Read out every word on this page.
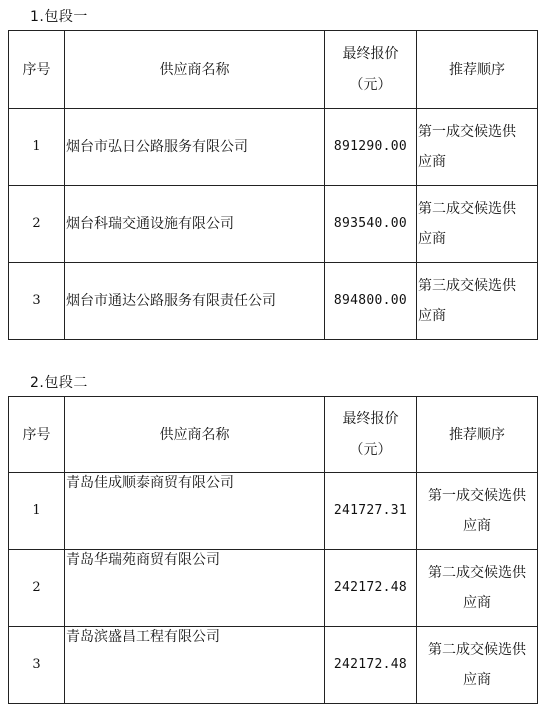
1.包段一
序号	供应商名称	最终报价
（元）	推荐顺序
1	烟台市弘日公路服务有限公司	891290.00	第一成交候选供
应商

2	烟台科瑞交通设施有限公司	893540.00	第二成交候选供
应商

3	烟台市通达公路服务有限责任公司	894800.00	第三成交候选供
应商
2.包段二
序号	供应商名称	最终报价
（元）	推荐顺序
1	青岛佳成顺泰商贸有限公司	241727.31	第一成交候选供
应商

2	青岛华瑞苑商贸有限公司	242172.48	第二成交候选供
应商

3	青岛滨盛昌工程有限公司	242172.48	第二成交候选供
应商
